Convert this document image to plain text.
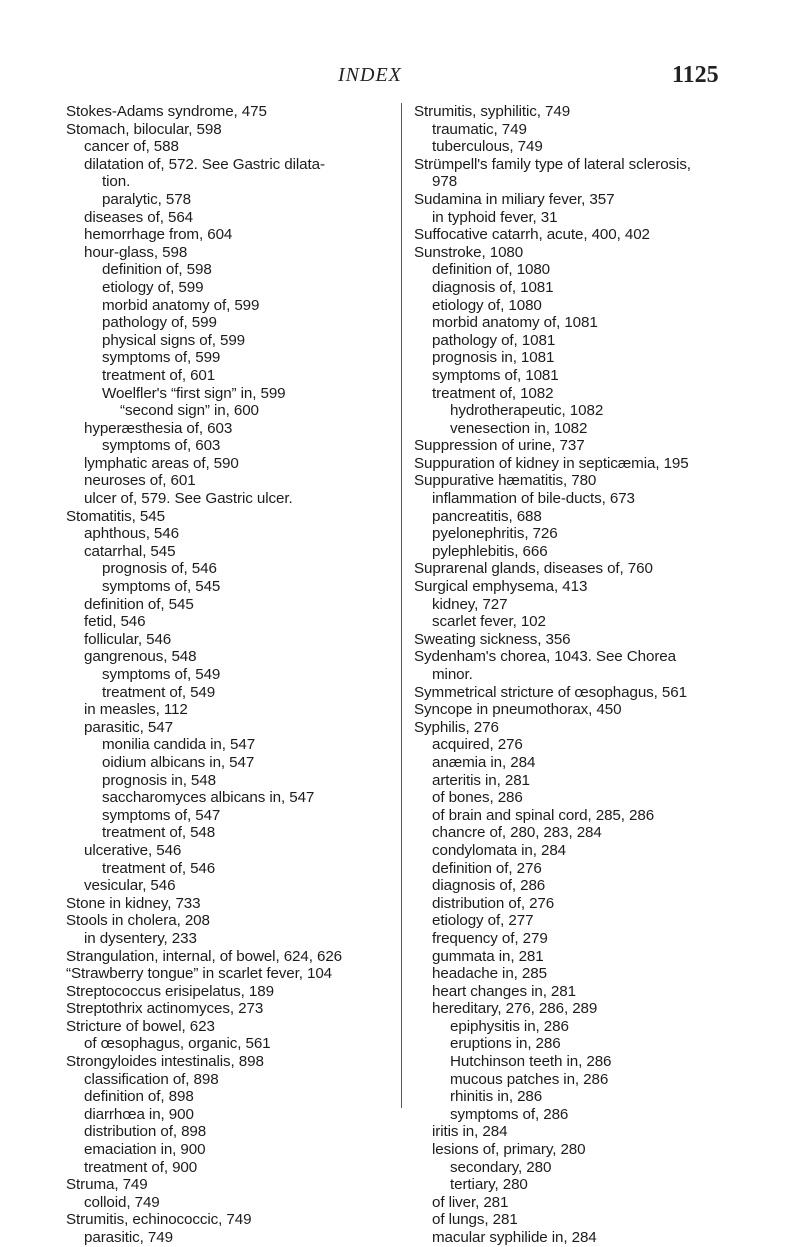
INDEX	1125
Stokes-Adams syndrome, 475
Stomach, bilocular, 598
cancer of, 588
dilatation of, 572. See Gastric dilata-
tion.
paralytic, 578
diseases of, 564
hemorrhage from, 604
hour-glass, 598
definition of, 598
etiology of, 599
morbid anatomy of, 599
pathology of, 599
physical signs of, 599
symptoms of, 599
treatment of, 601
Woelfler's “first sign” in, 599
“second sign” in, 600
hyperæsthesia of, 603
symptoms of, 603
lymphatic areas of, 590
neuroses of, 601
ulcer of, 579. See Gastric ulcer.
Stomatitis, 545
aphthous, 546
catarrhal, 545
prognosis of, 546
symptoms of, 545
definition of, 545
fetid, 546
follicular, 546
gangrenous, 548
symptoms of, 549
treatment of, 549
in measles, 112
parasitic, 547
monilia candida in, 547
oidium albicans in, 547
prognosis in, 548
saccharomyces albicans in, 547
symptoms of, 547
treatment of, 548
ulcerative, 546
treatment of, 546
vesicular, 546
Stone in kidney, 733
Stools in cholera, 208
in dysentery, 233
Strangulation, internal, of bowel, 624, 626
“Strawberry tongue” in scarlet fever, 104
Streptococcus erisipelatus, 189
Streptothrix actinomyces, 273
Stricture of bowel, 623
of œsophagus, organic, 561
Strongyloides intestinalis, 898
classification of, 898
definition of, 898
diarrhœa in, 900
distribution of, 898
emaciation in, 900
treatment of, 900
Struma, 749
colloid, 749
Strumitis, echinococcic, 749
parasitic, 749
Strumitis, syphilitic, 749
traumatic, 749
tuberculous, 749
Strümpell's family type of lateral sclerosis,
978
Sudamina in miliary fever, 357
in typhoid fever, 31
Suffocative catarrh, acute, 400, 402
Sunstroke, 1080
definition of, 1080
diagnosis of, 1081
etiology of, 1080
morbid anatomy of, 1081
pathology of, 1081
prognosis in, 1081
symptoms of, 1081
treatment of, 1082
hydrotherapeutic, 1082
venesection in, 1082
Suppression of urine, 737
Suppuration of kidney in septicæmia, 195
Suppurative hæmatitis, 780
inflammation of bile-ducts, 673
pancreatitis, 688
pyelonephritis, 726
pylephlebitis, 666
Suprarenal glands, diseases of, 760
Surgical emphysema, 413
kidney, 727
scarlet fever, 102
Sweating sickness, 356
Sydenham's chorea, 1043. See Chorea
minor.
Symmetrical stricture of œsophagus, 561
Syncope in pneumothorax, 450
Syphilis, 276
acquired, 276
anæmia in, 284
arteritis in, 281
of bones, 286
of brain and spinal cord, 285, 286
chancre of, 280, 283, 284
condylomata in, 284
definition of, 276
diagnosis of, 286
distribution of, 276
etiology of, 277
frequency of, 279
gummata in, 281
headache in, 285
heart changes in, 281
hereditary, 276, 286, 289
epiphysitis in, 286
eruptions in, 286
Hutchinson teeth in, 286
mucous patches in, 286
rhinitis in, 286
symptoms of, 286
iritis in, 284
lesions of, primary, 280
secondary, 280
tertiary, 280
of liver, 281
of lungs, 281
macular syphilide in, 284
